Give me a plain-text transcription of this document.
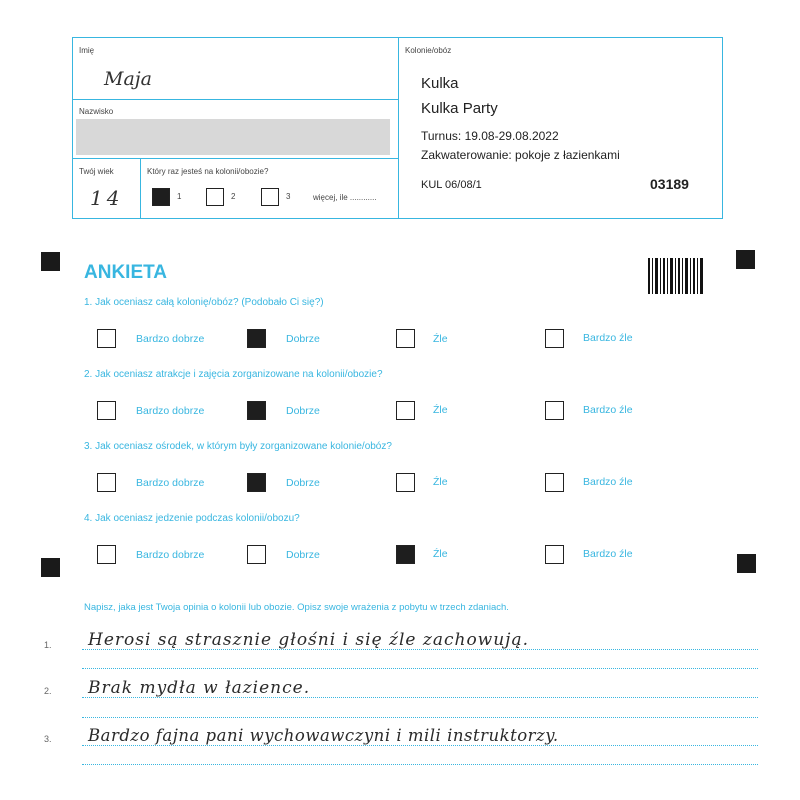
Imię
Maja
Nazwisko
Twój wiek
14
Który raz jesteś na kolonii/obozie?
1	2	3	więcej, ile ............
Kolonie/obóz
Kulka
Kulka Party
Turnus: 19.08-29.08.2022
Zakwaterowanie: pokoje z łazienkami
KUL 06/08/1	03189
ANKIETA
1. Jak oceniasz całą kolonię/obóz? (Podobało Ci się?)
Bardzo dobrze	Dobrze	Źle	Bardzo źle
2. Jak oceniasz atrakcje i zajęcia zorganizowane na kolonii/obozie?
Bardzo dobrze	Dobrze	Źle	Bardzo źle
3. Jak oceniasz ośrodek, w którym były zorganizowane kolonie/obóz?
Bardzo dobrze	Dobrze	Źle	Bardzo źle
4. Jak oceniasz jedzenie podczas kolonii/obozu?
Bardzo dobrze	Dobrze	Źle	Bardzo źle
Napisz, jaka jest Twoja opinia o kolonii lub obozie. Opisz swoje wrażenia z pobytu w trzech zdaniach.
1. Herosi są strasznie głośni i się źle zachowują.
2. Brak mydła w łazience.
3. Bardzo fajna pani wychowawczyni i mili instruktorzy.
